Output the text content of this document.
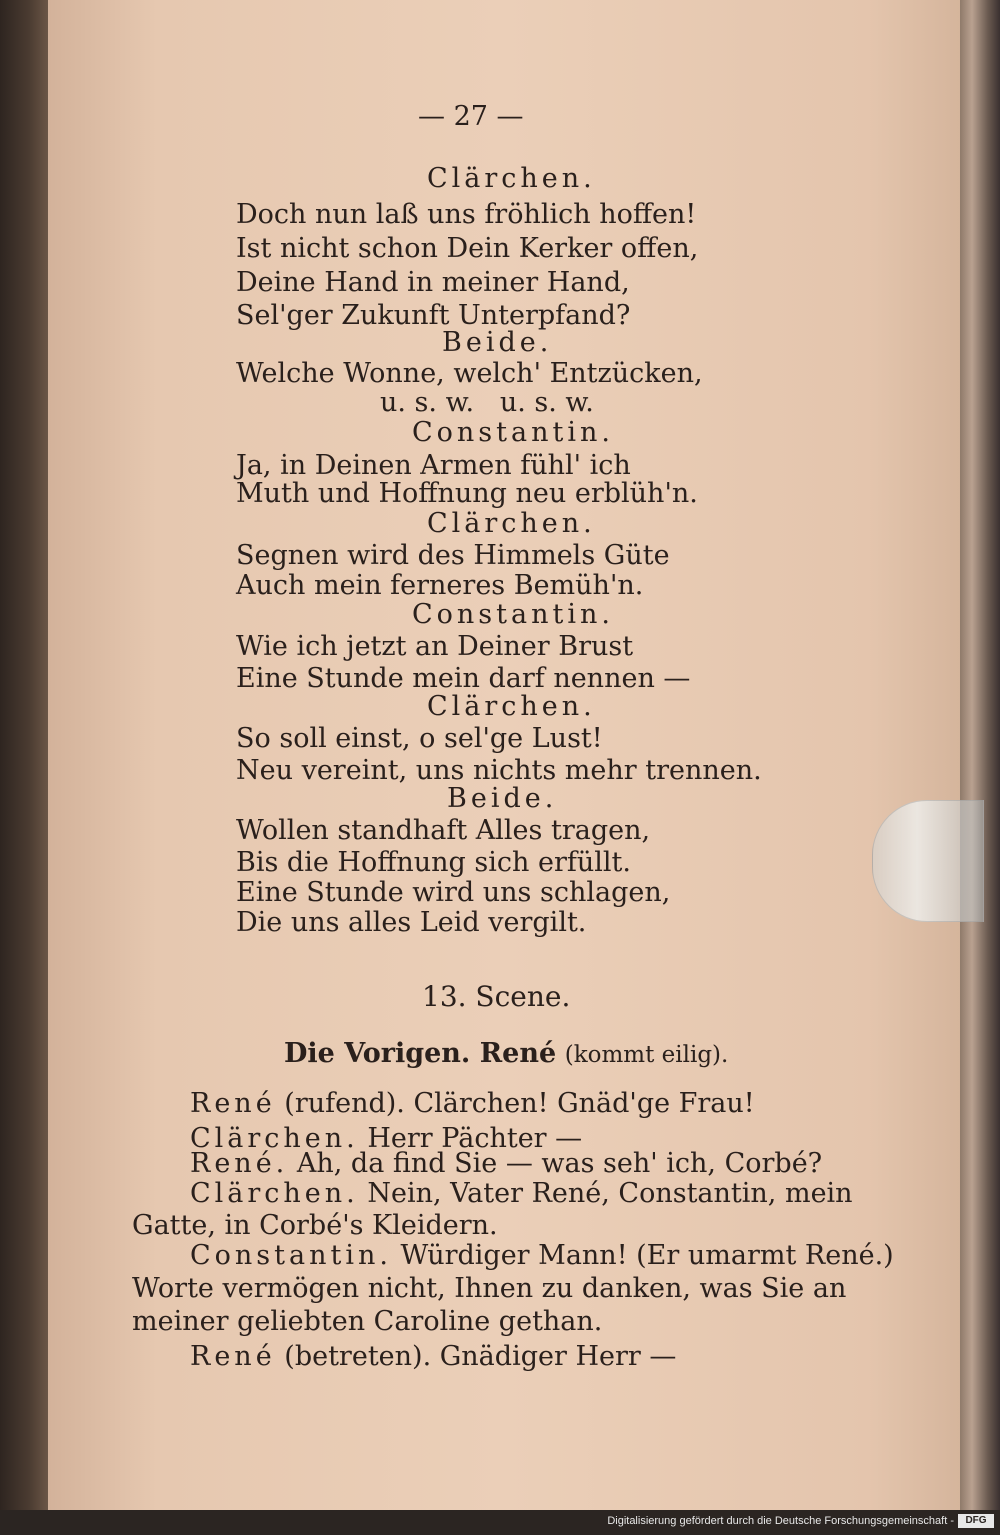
— 27 —
Clärchen.
Doch nun laß uns fröhlich hoffen!
Ist nicht schon Dein Kerker offen,
Deine Hand in meiner Hand,
Sel'ger Zukunft Unterpfand?
Beide.
Welche Wonne, welch' Entzücken,
u. s. w.   u. s. w.
Constantin.
Ja, in Deinen Armen fühl' ich
Muth und Hoffnung neu erblüh'n.
Clärchen.
Segnen wird des Himmels Güte
Auch mein ferneres Bemüh'n.
Constantin.
Wie ich jetzt an Deiner Brust
Eine Stunde mein darf nennen —
Clärchen.
So soll einst, o sel'ge Lust!
Neu vereint, uns nichts mehr trennen.
Beide.
Wollen standhaft Alles tragen,
Bis die Hoffnung sich erfüllt.
Eine Stunde wird uns schlagen,
Die uns alles Leid vergilt.
13. Scene.
Die Vorigen. René (kommt eilig).
René (rufend). Clärchen! Gnäd'ge Frau!
Clärchen. Herr Pächter —
René. Ah, da find Sie — was seh' ich, Corbé?
Clärchen. Nein, Vater René, Constantin, mein
Gatte, in Corbé's Kleidern.
Constantin. Würdiger Mann! (Er umarmt René.)
Worte vermögen nicht, Ihnen zu danken, was Sie an
meiner geliebten Caroline gethan.
René (betreten). Gnädiger Herr —
Digitalisierung gefördert durch die Deutsche Forschungsgemeinschaft -	DFG
